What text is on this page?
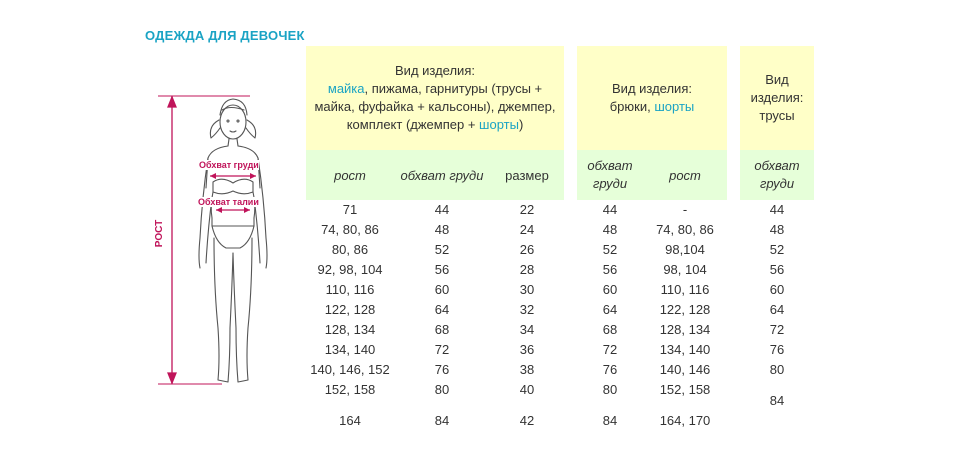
ОДЕЖДА ДЛЯ ДЕВОЧЕК
РОСТ
Обхват груди
Обхват талии
Вид изделия:
майка, пижама, гарнитуры (трусы + майка, фуфайка + кальсоны), джемпер, комплект (джемпер + шорты)
рост	обхват груди	размер
71	44	22
74, 80, 86	48	24
80, 86	52	26
92, 98, 104	56	28
110, 116	60	30
122, 128	64	32
128, 134	68	34
134, 140	72	36
140, 146, 152	76	38
152, 158	80	40
164	84	42
Вид изделия:
брюки, шорты
обхват груди
рост
44	-
48	74, 80, 86
52	98,104
56	98, 104
60	110, 116
64	122, 128
68	128, 134
72	134, 140
76	140, 146
80	152, 158
84	164, 170
Вид изделия:
трусы
обхват груди
44
48
52
56
60
64
72
76
80
84
